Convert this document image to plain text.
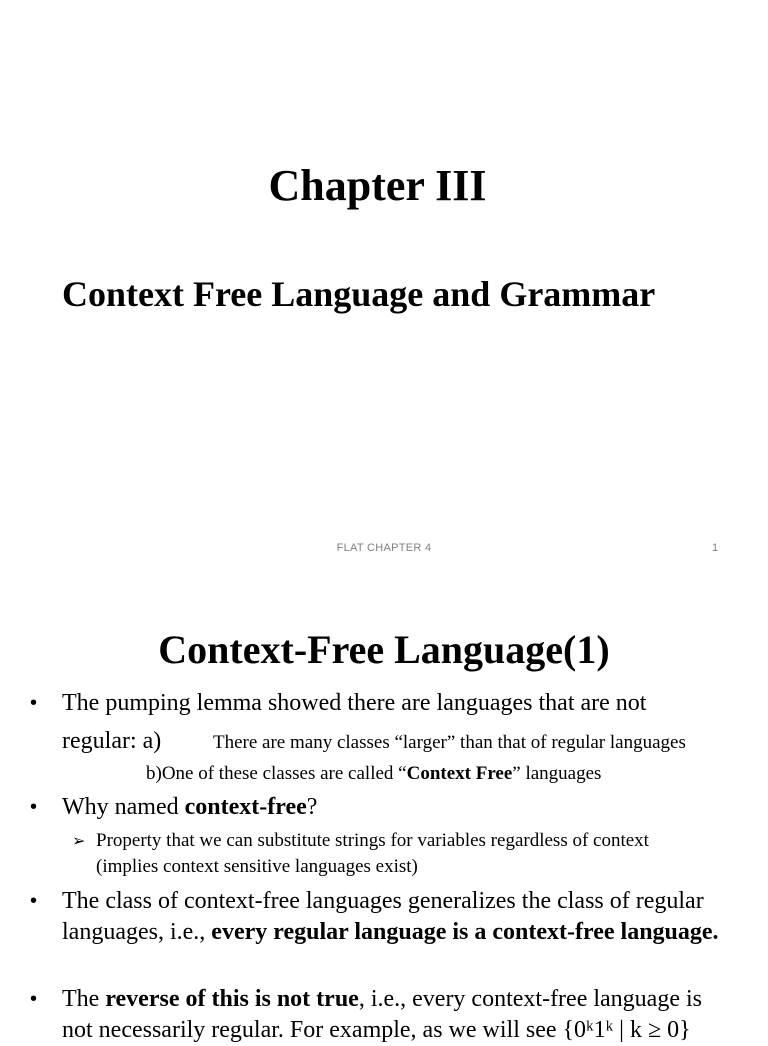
Chapter III
Context Free Language and Grammar
FLAT CHAPTER 4	1
Context-Free Language(1)
• The pumping lemma showed there are languages that are not
regular: a)	There are many classes “larger” than that of regular languages
b)One of these classes are called “Context Free” languages
• Why named context-free?
➢ Property that we can substitute strings for variables regardless of context
(implies context sensitive languages exist)
• The class of context-free languages generalizes the class of regular languages, i.e., every regular language is a context-free language.
• The reverse of this is not true, i.e., every context-free language is
not necessarily regular. For example, as we will see {0ᵏ1ᵏ | k ≥ 0}
